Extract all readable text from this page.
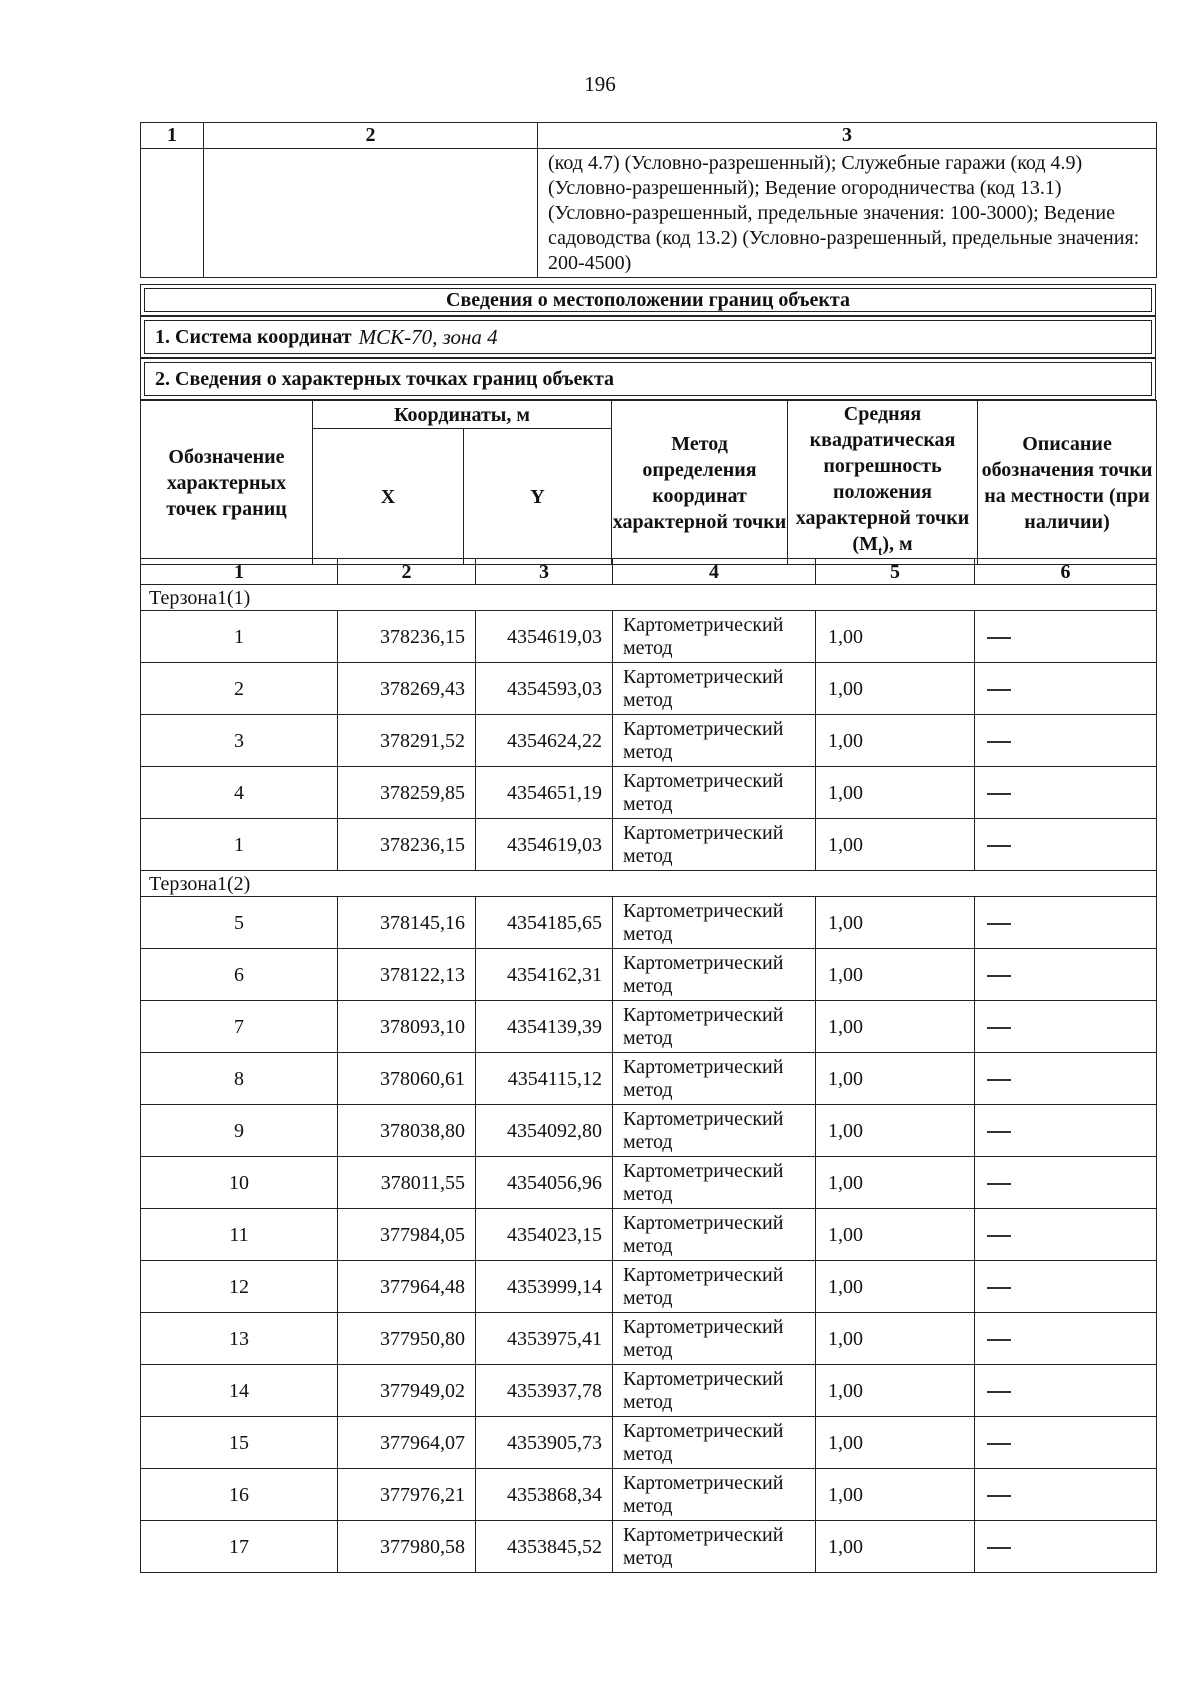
196
1	2	3
		(код 4.7) (Условно-разрешенный); Служебные гаражи (код 4.9) (Условно-разрешенный); Ведение огородничества (код 13.1) (Условно-разрешенный, предельные значения: 100-3000); Ведение садоводства (код 13.2) (Условно-разрешенный, предельные значения: 200-4500)
Сведения о местоположении границ объекта
1. Система координат МСК-70, зона 4
2. Сведения о характерных точках границ объекта
Обозначение характерных точек границ	Координаты, м		Метод определения координат характерной точки	Средняя квадратическая погрешность положения характерной точки $(M_t)$, м	Описание обозначения точки на местности (при наличии)
	X	Y			
1	2	3	4	5	6
Терзона1(1)					
1	378236,15	4354619,03	Картометрический метод	1,00	
2	378269,43	4354593,03	Картометрический метод	1,00	
3	378291,52	4354624,22	Картометрический метод	1,00	
4	378259,85	4354651,19	Картометрический метод	1,00	
1	378236,15	4354619,03	Картометрический метод	1,00	
Терзона1(2)					
5	378145,16	4354185,65	Картометрический метод	1,00	
6	378122,13	4354162,31	Картометрический метод	1,00	
7	378093,10	4354139,39	Картометрический метод	1,00	
8	378060,61	4354115,12	Картометрический метод	1,00	
9	378038,80	4354092,80	Картометрический метод	1,00	
10	378011,55	4354056,96	Картометрический метод	1,00	
11	377984,05	4354023,15	Картометрический метод	1,00	
12	377964,48	4353999,14	Картометрический метод	1,00	
13	377950,80	4353975,41	Картометрический метод	1,00	
14	377949,02	4353937,78	Картометрический метод	1,00	
15	377964,07	4353905,73	Картометрический метод	1,00	
16	377976,21	4353868,34	Картометрический метод	1,00	
17	377980,58	4353845,52	Картометрический метод	1,00	
